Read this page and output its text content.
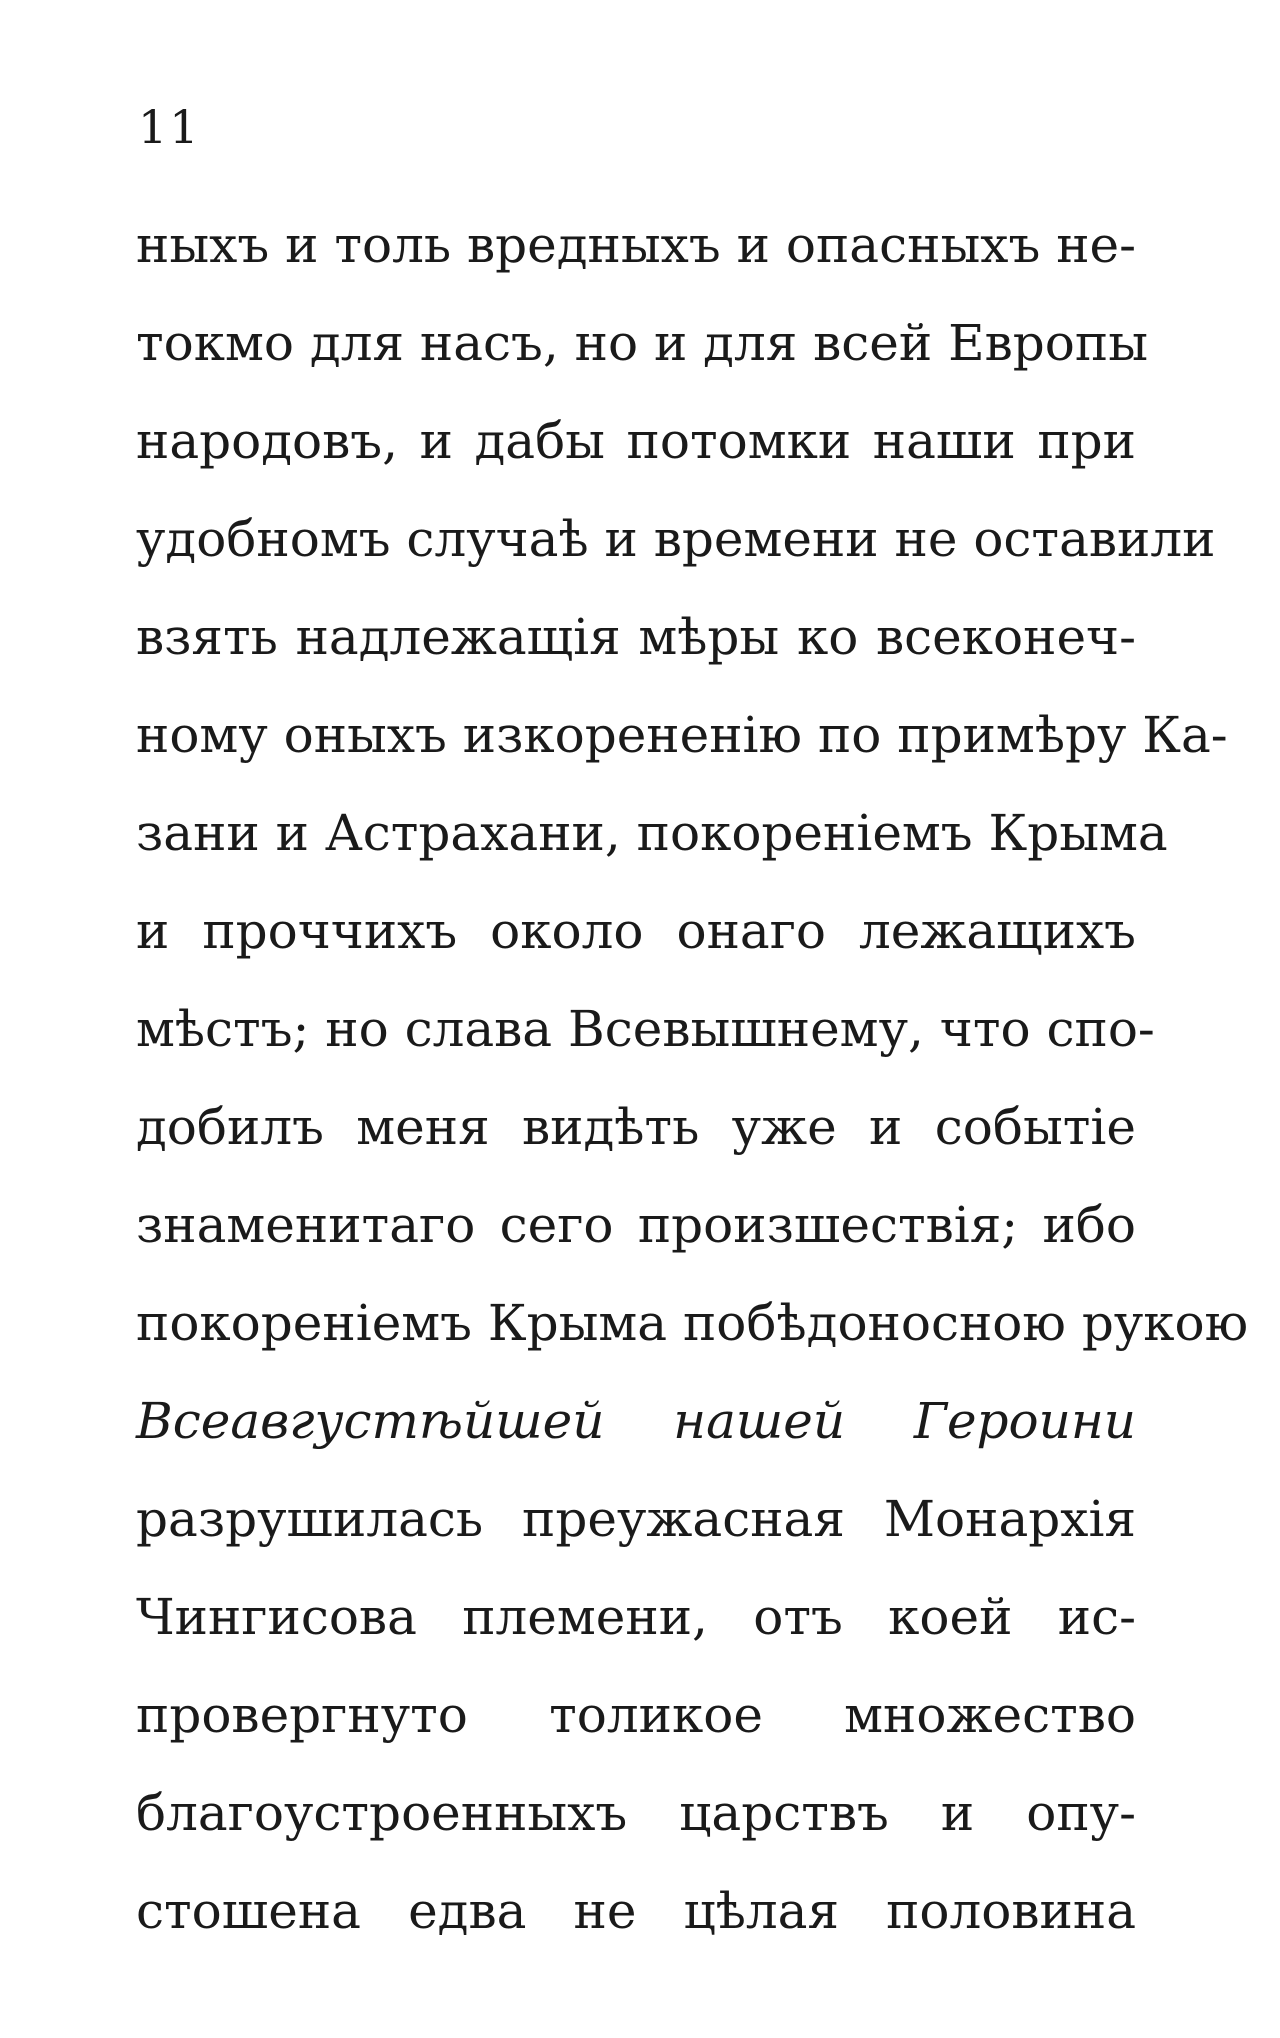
11
ныхъ и толь вредныхъ и опасныхъ не-
токмо для насъ, но и для всей Европы
народовъ, и дабы потомки наши при
удобномъ случаѣ и времени не оставили
взять надлежащія мѣры ко всеконеч-
ному оныхъ изкорененію по примѣру Ка-
зани и Астрахани, покореніемъ Крыма
и проччихъ около онаго лежащихъ
мѣстъ; но слава Всевышнему, что спо-
добилъ меня видѣть уже и событіе
знаменитаго сего произшествія; ибо
покореніемъ Крыма побѣдоносною рукою
Всеавгустѣйшей нашей Героини
разрушилась преужасная Монархія
Чингисова племени, отъ коей ис-
провергнуто толикое множество
благоустроенныхъ царствъ и опу-
стошена едва не цѣлая половина
